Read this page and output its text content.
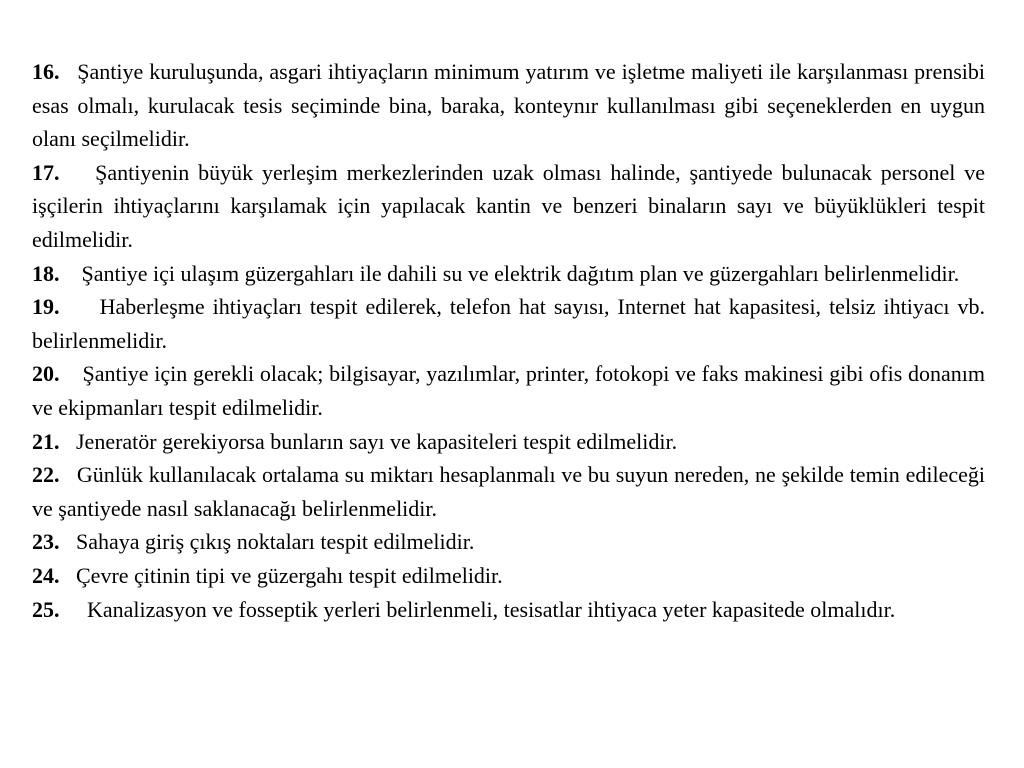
16. Şantiye kuruluşunda, asgari ihtiyaçların minimum yatırım ve işletme maliyeti ile karşılanması prensibi esas olmalı, kurulacak tesis seçiminde bina, baraka, konteynır kullanılması gibi seçeneklerden en uygun olanı seçilmelidir.

17. Şantiyenin büyük yerleşim merkezlerinden uzak olması halinde, şantiyede bulunacak personel ve işçilerin ihtiyaçlarını karşılamak için yapılacak kantin ve benzeri binaların sayı ve büyüklükleri tespit edilmelidir.

18. Şantiye içi ulaşım güzergahları ile dahili su ve elektrik dağıtım plan ve güzergahları belirlenmelidir.

19. Haberleşme ihtiyaçları tespit edilerek, telefon hat sayısı, Internet hat kapasitesi, telsiz ihtiyacı vb. belirlenmelidir.

20. Şantiye için gerekli olacak; bilgisayar, yazılımlar, printer, fotokopi ve faks makinesi gibi ofis donanım ve ekipmanları tespit edilmelidir.

21. Jeneratör gerekiyorsa bunların sayı ve kapasiteleri tespit edilmelidir.

22. Günlük kullanılacak ortalama su miktarı hesaplanmalı ve bu suyun nereden, ne şekilde temin edileceği ve şantiyede nasıl saklanacağı belirlenmelidir.

23. Sahaya giriş çıkış noktaları tespit edilmelidir.

24. Çevre çitinin tipi ve güzergahı tespit edilmelidir.

25. Kanalizasyon ve fosseptik yerleri belirlenmeli, tesisatlar ihtiyaca yeter kapasitede olmalıdır.
